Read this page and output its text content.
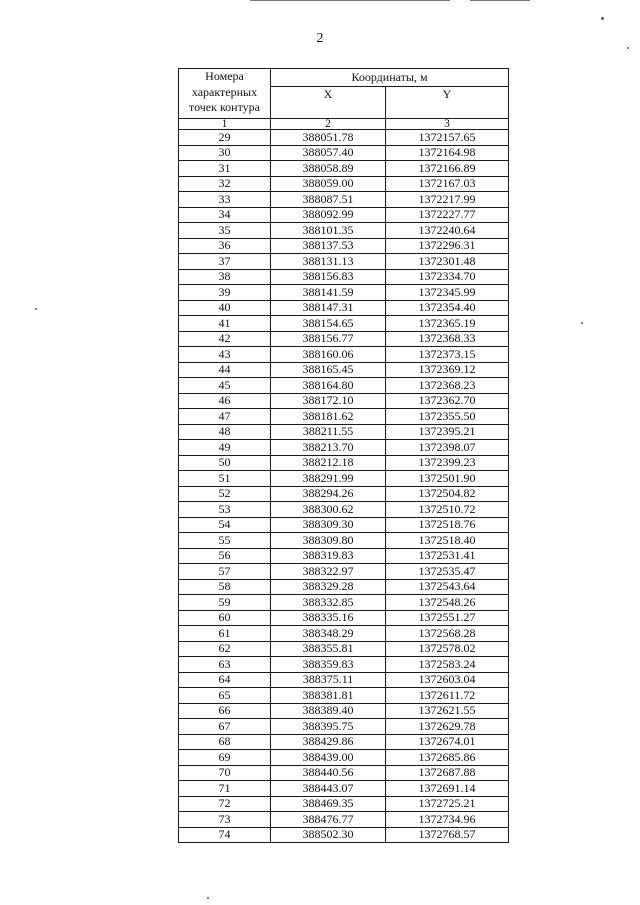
2
Номера характерных точек контура	Координаты, м	
	X	Y
1	2	3
29	388051.78	1372157.65
30	388057.40	1372164.98
31	388058.89	1372166.89
32	388059.00	1372167.03
33	388087.51	1372217.99
34	388092.99	1372227.77
35	388101.35	1372240.64
36	388137.53	1372296.31
37	388131.13	1372301.48
38	388156.83	1372334.70
39	388141.59	1372345.99
40	388147.31	1372354.40
41	388154.65	1372365.19
42	388156.77	1372368.33
43	388160.06	1372373.15
44	388165.45	1372369.12
45	388164.80	1372368.23
46	388172.10	1372362.70
47	388181.62	1372355.50
48	388211.55	1372395.21
49	388213.70	1372398.07
50	388212.18	1372399.23
51	388291.99	1372501.90
52	388294.26	1372504.82
53	388300.62	1372510.72
54	388309.30	1372518.76
55	388309.80	1372518.40
56	388319.83	1372531.41
57	388322.97	1372535.47
58	388329.28	1372543.64
59	388332.85	1372548.26
60	388335.16	1372551.27
61	388348.29	1372568.28
62	388355.81	1372578.02
63	388359.83	1372583.24
64	388375.11	1372603.04
65	388381.81	1372611.72
66	388389.40	1372621.55
67	388395.75	1372629.78
68	388429.86	1372674.01
69	388439.00	1372685.86
70	388440.56	1372687.88
71	388443.07	1372691.14
72	388469.35	1372725.21
73	388476.77	1372734.96
74	388502.30	1372768.57
